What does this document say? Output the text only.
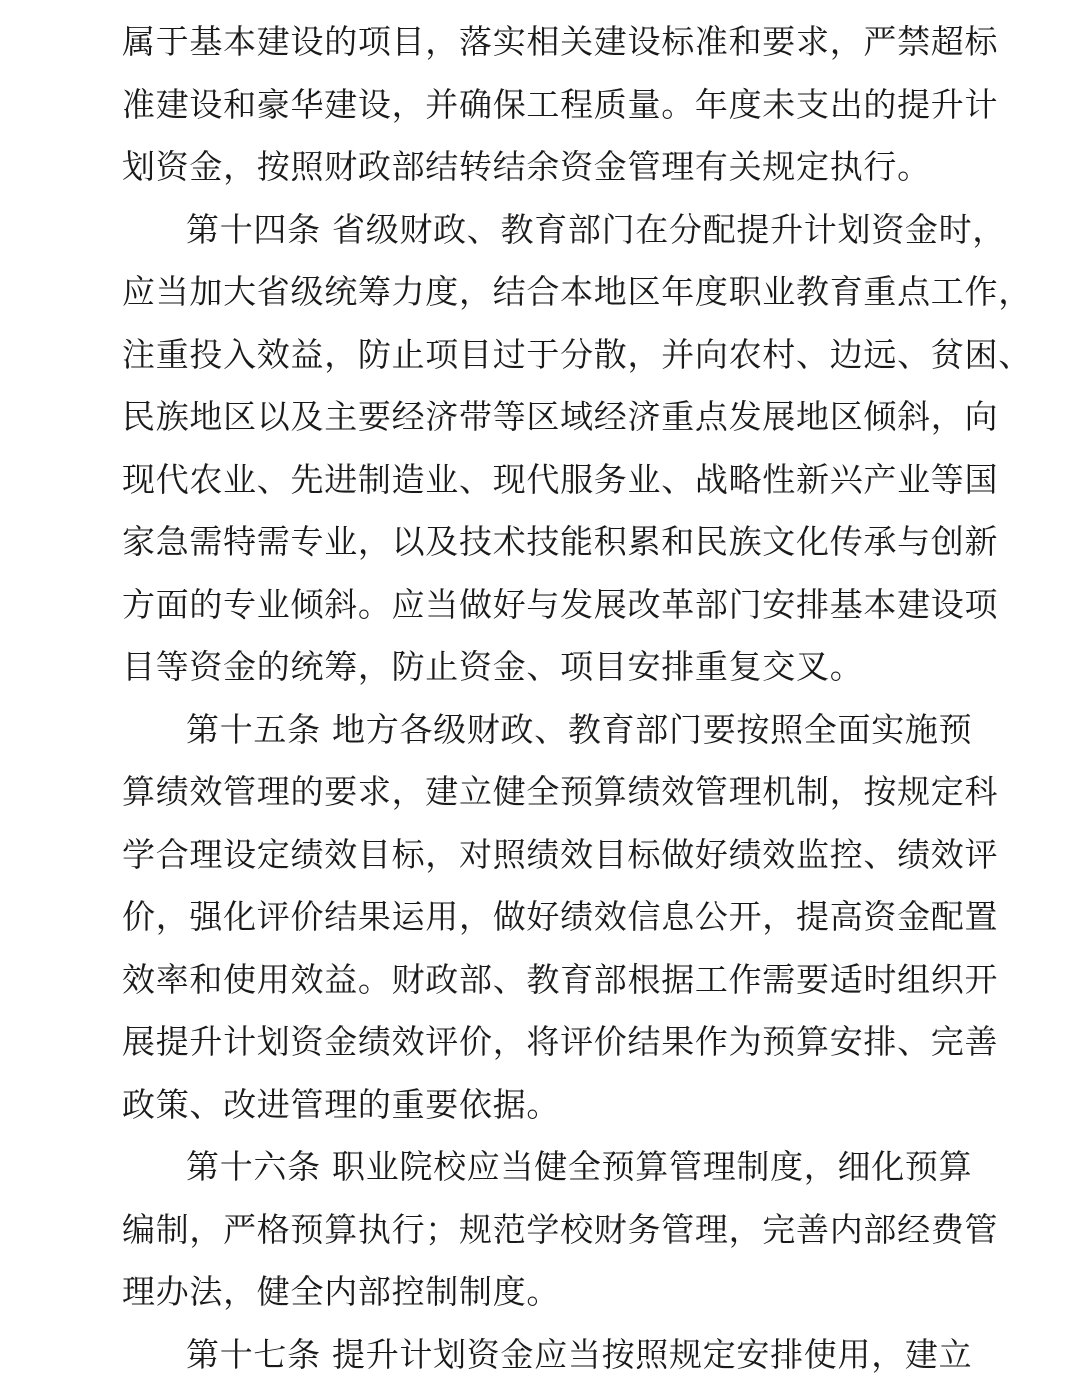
属于基本建设的项目，落实相关建设标准和要求，严禁超标
准建设和豪华建设，并确保工程质量。年度未支出的提升计
划资金，按照财政部结转结余资金管理有关规定执行。
第十四条 省级财政、教育部门在分配提升计划资金时，
应当加大省级统筹力度，结合本地区年度职业教育重点工作，
注重投入效益，防止项目过于分散，并向农村、边远、贫困、
民族地区以及主要经济带等区域经济重点发展地区倾斜，向
现代农业、先进制造业、现代服务业、战略性新兴产业等国
家急需特需专业，以及技术技能积累和民族文化传承与创新
方面的专业倾斜。应当做好与发展改革部门安排基本建设项
目等资金的统筹，防止资金、项目安排重复交叉。
第十五条 地方各级财政、教育部门要按照全面实施预
算绩效管理的要求，建立健全预算绩效管理机制，按规定科
学合理设定绩效目标，对照绩效目标做好绩效监控、绩效评
价，强化评价结果运用，做好绩效信息公开，提高资金配置
效率和使用效益。财政部、教育部根据工作需要适时组织开
展提升计划资金绩效评价，将评价结果作为预算安排、完善
政策、改进管理的重要依据。
第十六条 职业院校应当健全预算管理制度，细化预算
编制，严格预算执行；规范学校财务管理，完善内部经费管
理办法，健全内部控制制度。
第十七条 提升计划资金应当按照规定安排使用，建立
